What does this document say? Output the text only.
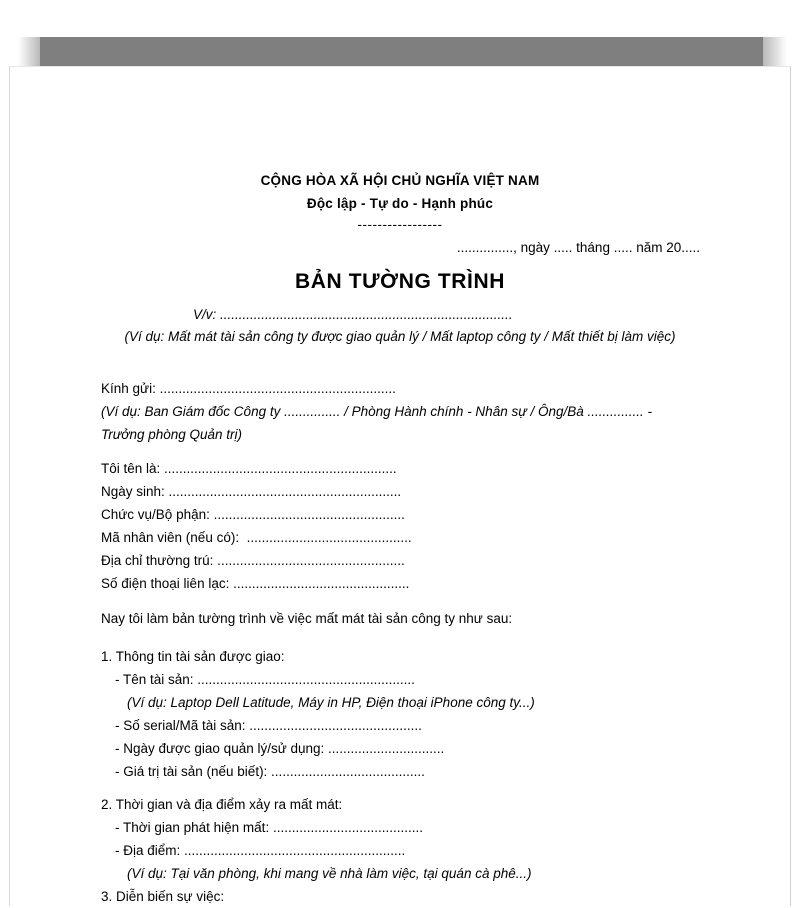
CỘNG HÒA XÃ HỘI CHỦ NGHĨA VIỆT NAM
Độc lập - Tự do - Hạnh phúc
-----------------
..............., ngày ..... tháng ..... năm 20.....
BẢN TƯỜNG TRÌNH
V/v: ..............................................................................
(Ví dụ: Mất mát tài sản công ty được giao quản lý / Mất laptop công ty / Mất thiết bị làm việc)
Kính gửi: ...............................................................
(Ví dụ: Ban Giám đốc Công ty ............... / Phòng Hành chính - Nhân sự / Ông/Bà ............... -
Trưởng phòng Quản trị)
Tôi tên là: ..............................................................
Ngày sinh: ..............................................................
Chức vụ/Bộ phận: ...................................................
Mã nhân viên (nếu có):  ............................................
Địa chỉ thường trú: ..................................................
Số điện thoại liên lạc: ...............................................
Nay tôi làm bản tường trình về việc mất mát tài sản công ty như sau:
1. Thông tin tài sản được giao:
- Tên tài sản: ..........................................................
(Ví dụ: Laptop Dell Latitude, Máy in HP, Điện thoại iPhone công ty...)
- Số serial/Mã tài sản: ..............................................
- Ngày được giao quản lý/sử dụng: ...............................
- Giá trị tài sản (nếu biết): .........................................
2. Thời gian và địa điểm xảy ra mất mát:
- Thời gian phát hiện mất: ........................................
- Địa điểm: ...........................................................
(Ví dụ: Tại văn phòng, khi mang về nhà làm việc, tại quán cà phê...)
3. Diễn biến sự việc:
